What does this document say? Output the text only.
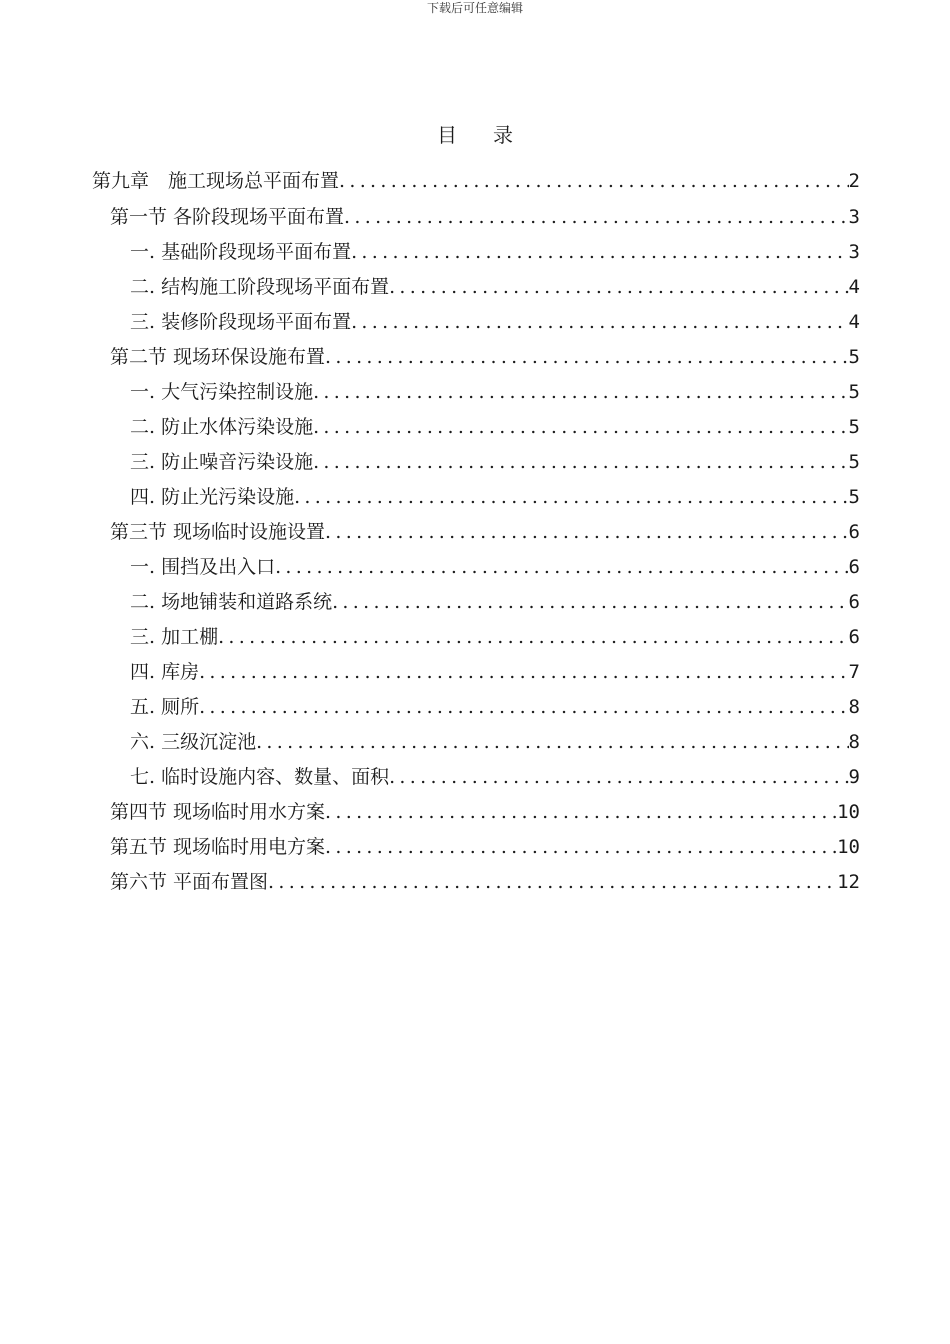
下载后可任意编辑
目录
第九章　施工现场总平面布置 .....	2
第一节 各阶段现场平面布置 .....	3
一. 基础阶段现场平面布置 .....	3
二. 结构施工阶段现场平面布置 .....	4
三. 装修阶段现场平面布置 .....	4
第二节 现场环保设施布置 .....	5
一. 大气污染控制设施 .....	5
二. 防止水体污染设施 .....	5
三. 防止噪音污染设施 .....	5
四. 防止光污染设施 .....	5
第三节 现场临时设施设置 .....	6
一. 围挡及出入口 .....	6
二. 场地铺装和道路系统 .....	6
三. 加工棚 .....	6
四. 库房 .....	7
五. 厕所 .....	8
六. 三级沉淀池 .....	8
七. 临时设施内容、数量、面积 .....	9
第四节 现场临时用水方案 .....	10
第五节 现场临时用电方案 .....	10
第六节 平面布置图 .....	12
